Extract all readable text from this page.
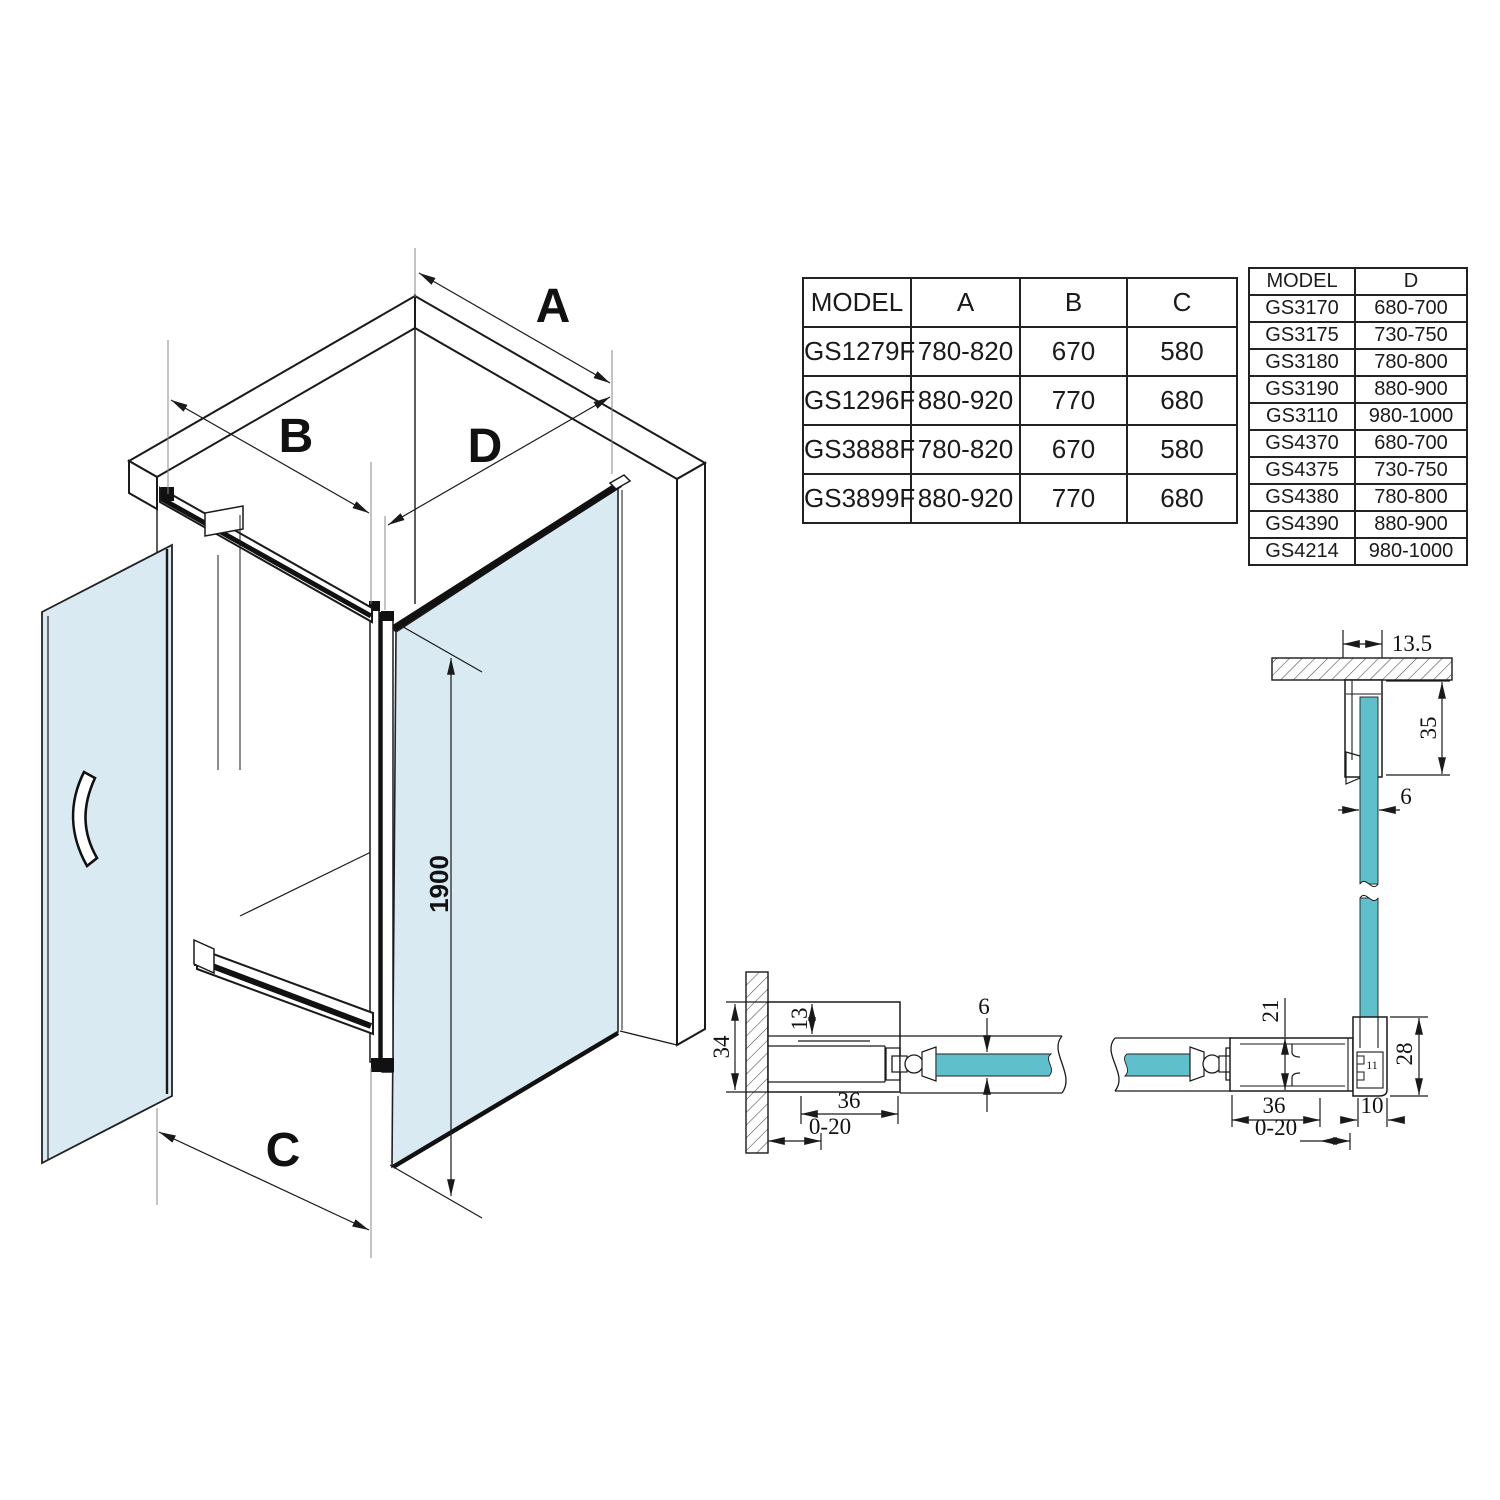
A
B	D
C
1900
34
13	6
36
0-20
13.5
35
6
11
21
28
36
0-20
10
MODEL	A	B	C
GS1279F	780-820	670	580
GS1296F	880-920	770	680
GS3888F	780-820	670	580
GS3899F	880-920	770	680
MODEL	D
GS3170	680-700
GS3175	730-750
GS3180	780-800
GS3190	880-900
GS3110	980-1000
GS4370	680-700
GS4375	730-750
GS4380	780-800
GS4390	880-900
GS4214	980-1000
